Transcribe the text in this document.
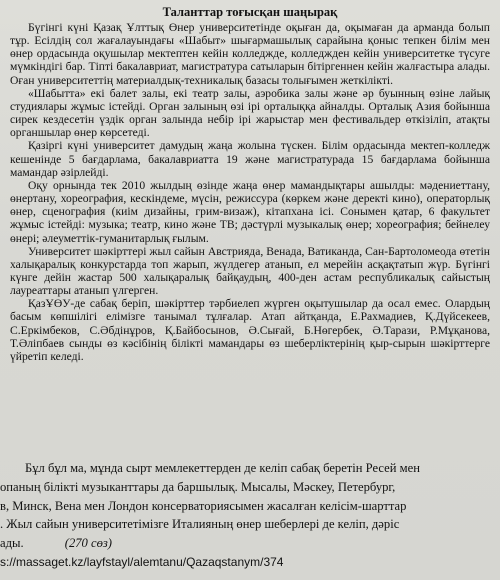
Таланттар тоғысқан шаңырақ

Бүгінгі күні Қазақ Ұлттық Өнер университетінде оқыған да, оқымаған да арманда болып тұр. Есілдің сол жағалауындағы «Шабыт» шығармашылық сарайына қоныс тепкен білім мен өнер ордасында оқушылар мектептен кейін колледжде, колледжден кейін университетке түсуге мүмкіндігі бар. Тіпті бакалавриат, магистратура сатыларын бітіргеннен кейін жалғастыра алады. Оған университеттің материалдық-техникалық базасы толығымен жеткілікті.

«Шабытта» екі балет залы, екі театр залы, аэробика залы және әр буынның өзіне лайық студиялары жұмыс істейді. Орган залының өзі ірі орталыққа айналды. Орталық Азия бойынша сирек кездесетін үздік орган залында небір ірі жарыстар мен фестивальдер өткізіліп, атақты органшылар өнер көрсетеді.

Қазіргі күні университет дамудың жаңа жолына түскен. Білім ордасында мектеп-колледж кешенінде 5 бағдарлама, бакалавриатта 19 және магистратурада 15 бағдарлама бойынша мамандар әзірлейді.

Оқу орнында тек 2010 жылдың өзінде жаңа өнер мамандықтары ашылды: мәдениеттану, өнертану, хореография, кескіндеме, мүсін, режиссура (көркем және деректі кино), операторлық өнер, сценография (киім дизайны, грим-визаж), кітапхана ісі. Сонымен қатар, 6 факультет жұмыс істейді: музыка; театр, кино және ТВ; дәстүрлі музыкалық өнер; хореография; бейнелеу өнері; әлеуметтік-гуманитарлық ғылым.

Университет шәкірттері жыл сайын Австрияда, Венада, Ватиканда, Сан-Бартоломеода өтетін халықаралық конкурстарда топ жарып, жүлдегер атанып, ел мерейін асқақтатып жүр. Бүгінгі күнге дейін жастар 500 халықаралық байқаудың, 400-ден астам республикалық сайыстың лауреаттары атанып үлгерген.

ҚазҰӨУ-де сабақ беріп, шәкірттер тәрбиелеп жүрген оқытушылар да осал емес. Олардың басым көпшілігі елімізге танымал тұлғалар. Атап айтқанда, Е.Рахмадиев, Қ.Дүйсекеев, С.Еркімбеков, С.Әбдінұров, Қ.Байбосынов, Ә.Сығай, Б.Нөгербек, Ә.Тарази, Р.Мұқанова, Т.Әліпбаев сынды өз кәсібінің білікті мамандары өз шеберліктерінің қыр-сырын шәкірттерге үйретіп келеді.

Бұл бұл ма, мұнда сырт мемлекеттерден де келіп сабақ беретін Ресей мен
опаның білікті музыканттары да баршылық. Мысалы, Мәскеу, Петербург,
в, Минск, Вена мен Лондон консерваторияcымен жасалған келісім-шарттар
. Жыл сайын университетімізге Италияның өнер шеберлері де келіп, дәріс
ады.	(270 сөз)
s://massaget.kz/layfstayl/alemtanu/Qazaqstanym/374
